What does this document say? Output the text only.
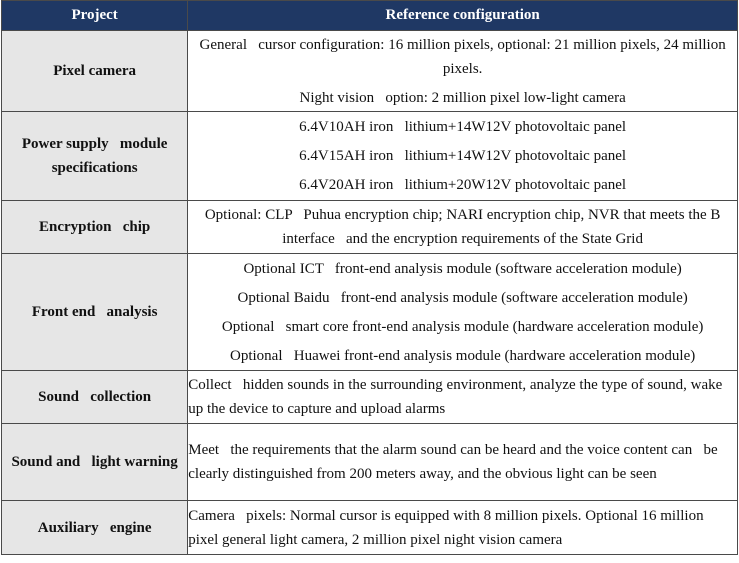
Project	Reference configuration
Pixel camera	General   cursor configuration: 16 million pixels, optional: 21 million pixels, 24 million   pixels.
Night vision   option: 2 million pixel low-light camera

Power supply   module specifications	6.4V10AH iron   lithium+14W12V photovoltaic panel
6.4V15AH iron   lithium+14W12V photovoltaic panel
6.4V20AH iron   lithium+20W12V photovoltaic panel

Encryption   chip	Optional: CLP   Puhua encryption chip; NARI encryption chip, NVR that meets the B interface   and the encryption requirements of the State Grid

Front end   analysis	Optional ICT   front-end analysis module (software acceleration module)
Optional Baidu   front-end analysis module (software acceleration module)
Optional   smart core front-end analysis module (hardware acceleration module)
Optional   Huawei front-end analysis module (hardware acceleration module)

Sound   collection	Collect   hidden sounds in the surrounding environment, analyze the type of sound, wake   up the device to capture and upload alarms

Sound and   light warning	Meet   the requirements that the alarm sound can be heard and the voice content can   be clearly distinguished from 200 meters away, and the obvious light can be seen

Auxiliary   engine	Camera   pixels: Normal cursor is equipped with 8 million pixels. Optional 16 million   pixel general light camera, 2 million pixel night vision camera
